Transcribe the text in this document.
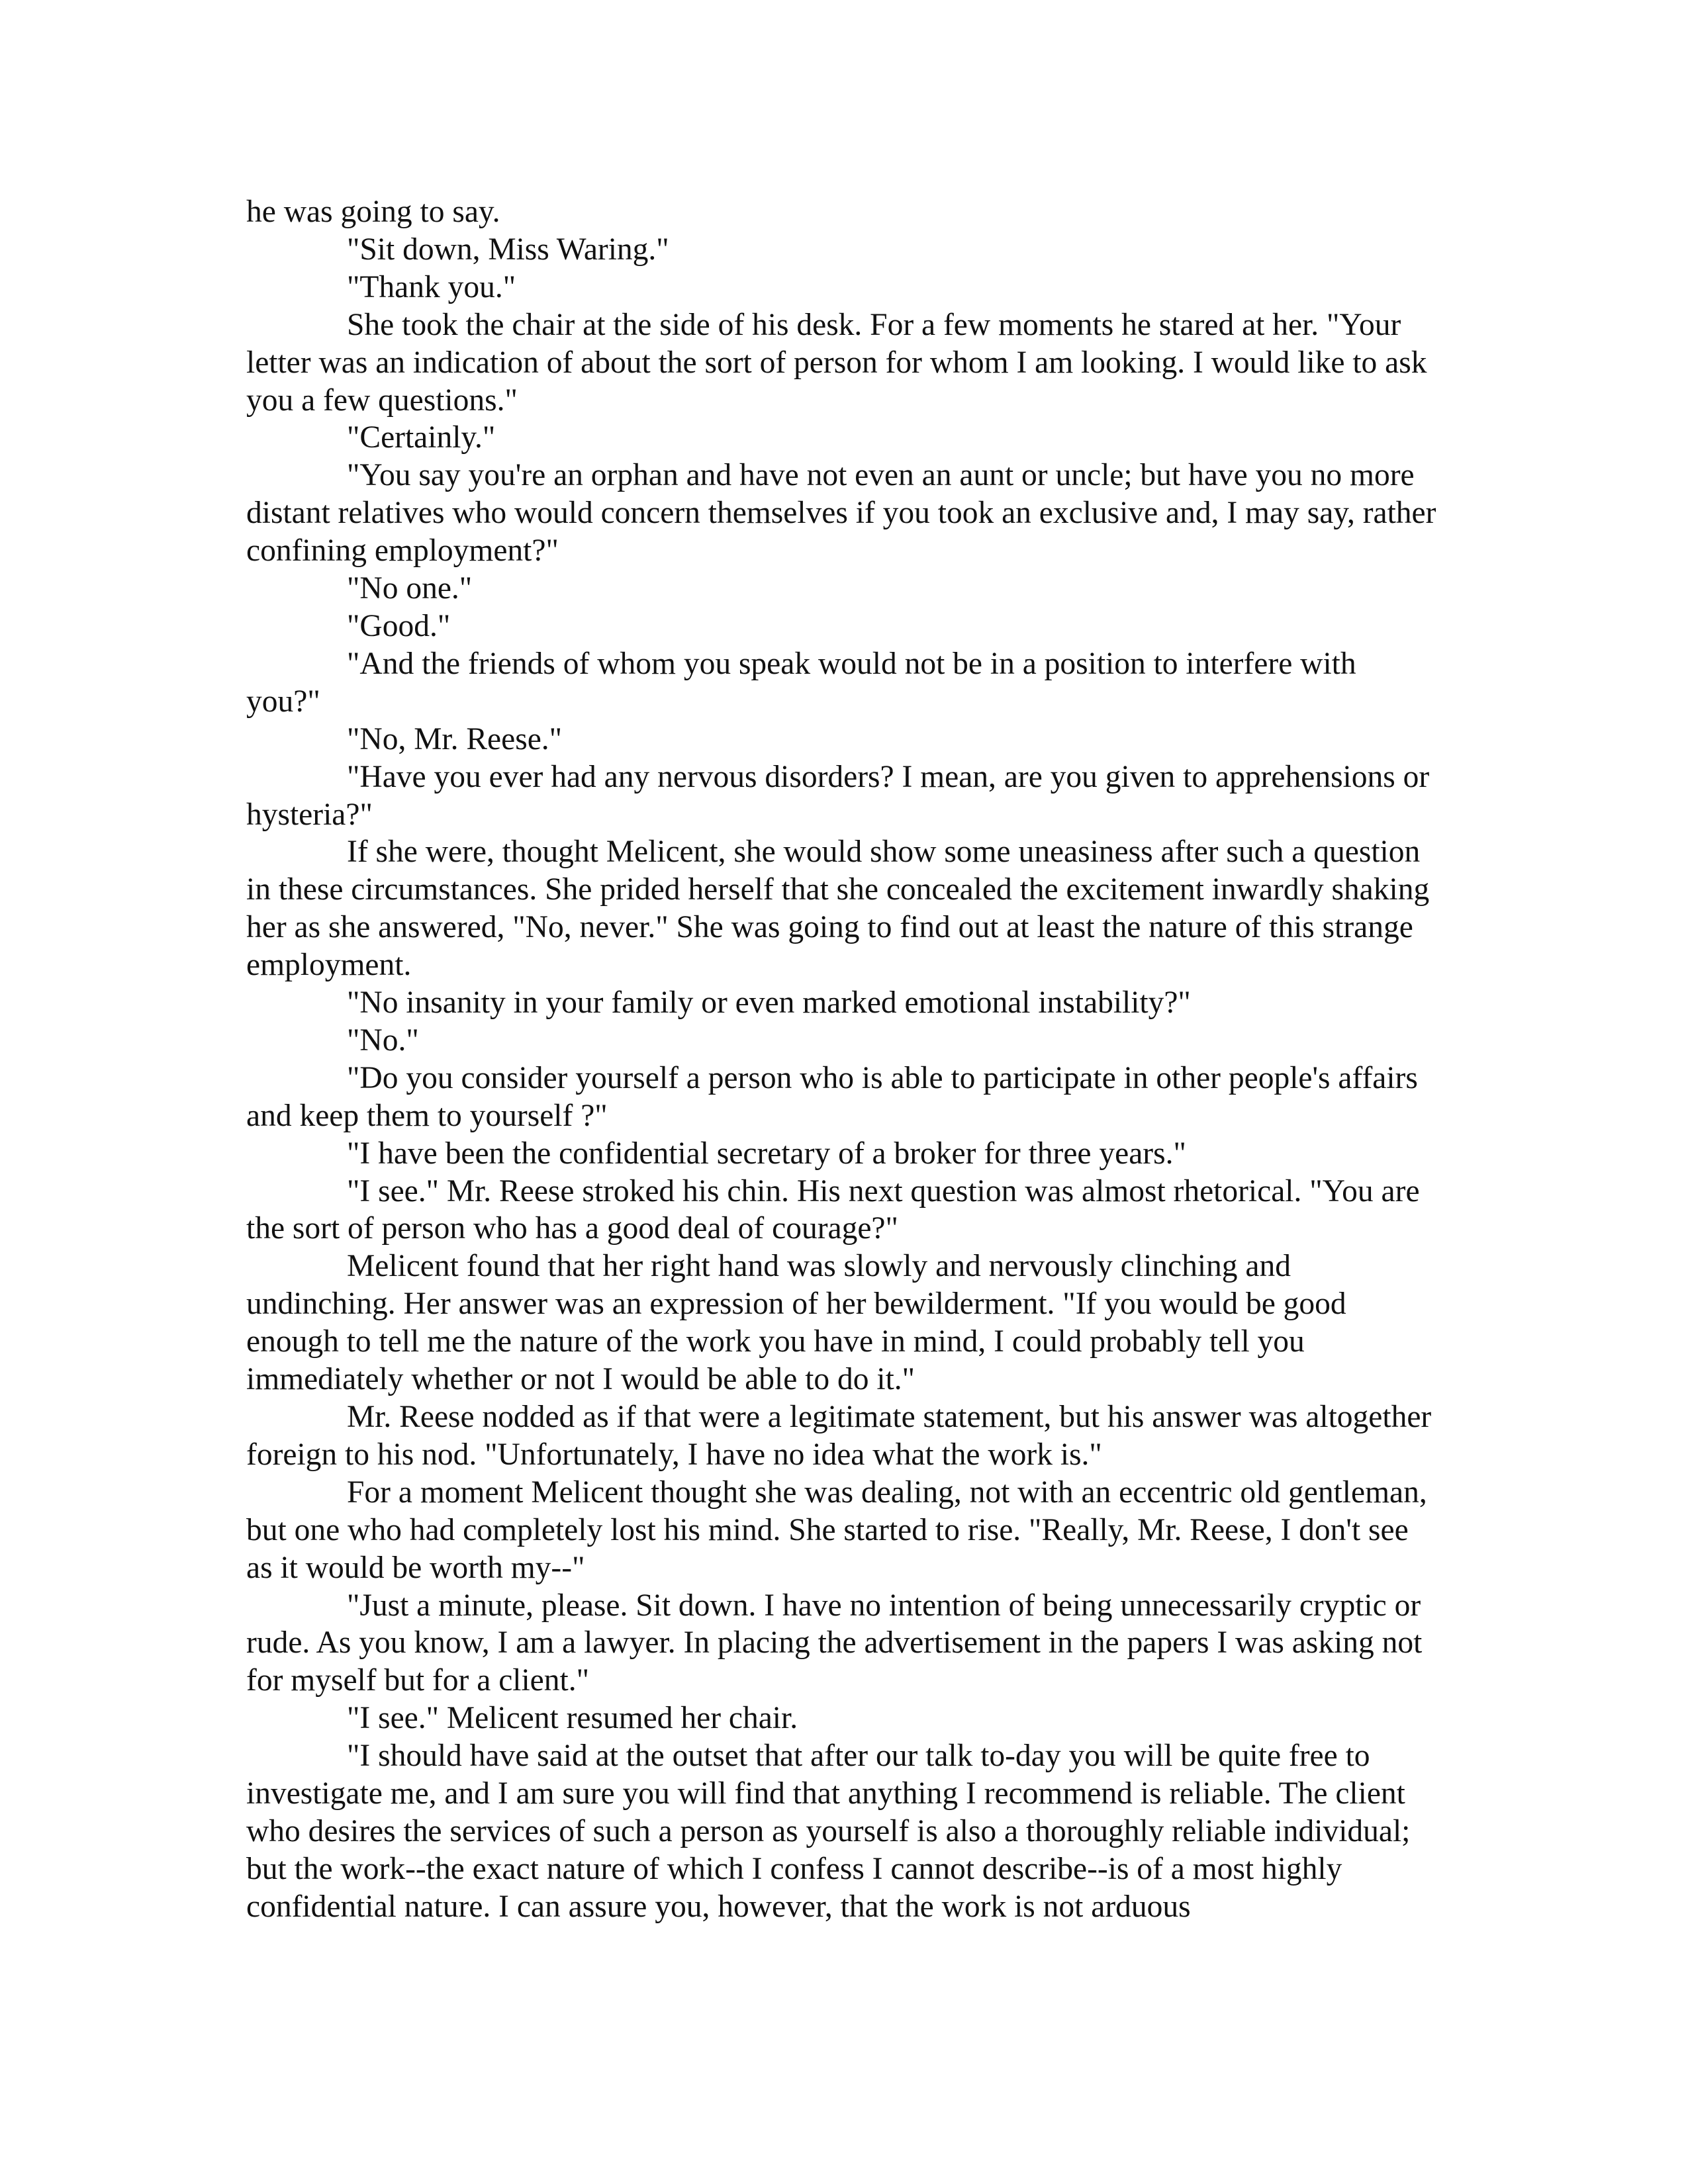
he was going to say.

"Sit down, Miss Waring."

"Thank you."

She took the chair at the side of his desk. For a few moments he stared at her. "Your letter was an indication of about the sort of person for whom I am looking. I would like to ask you a few questions."

"Certainly."

"You say you're an orphan and have not even an aunt or uncle; but have you no more distant relatives who would concern themselves if you took an exclusive and, I may say, rather confining employment?"

"No one."

"Good."

"And the friends of whom you speak would not be in a position to interfere with you?"

"No, Mr. Reese."

"Have you ever had any nervous disorders? I mean, are you given to apprehensions or hysteria?"

If she were, thought Melicent, she would show some uneasiness after such a question in these circumstances. She prided herself that she concealed the excitement inwardly shaking her as she answered, "No, never." She was going to find out at least the nature of this strange employment.

"No insanity in your family or even marked emotional instability?"

"No."

"Do you consider yourself a person who is able to participate in other people's affairs and keep them to yourself ?"

"I have been the confidential secretary of a broker for three years."

"I see." Mr. Reese stroked his chin. His next question was almost rhetorical. "You are the sort of person who has a good deal of courage?"

Melicent found that her right hand was slowly and nervously clinching and undinching. Her answer was an expression of her bewilderment. "If you would be good enough to tell me the nature of the work you have in mind, I could probably tell you immediately whether or not I would be able to do it."

Mr. Reese nodded as if that were a legitimate statement, but his answer was altogether foreign to his nod. "Unfortunately, I have no idea what the work is."

For a moment Melicent thought she was dealing, not with an eccentric old gentleman, but one who had completely lost his mind. She started to rise. "Really, Mr. Reese, I don't see as it would be worth my--"

"Just a minute, please. Sit down. I have no intention of being unnecessarily cryptic or rude. As you know, I am a lawyer. In placing the advertisement in the papers I was asking not for myself but for a client."

"I see." Melicent resumed her chair.

"I should have said at the outset that after our talk to-day you will be quite free to investigate me, and I am sure you will find that anything I recommend is reliable. The client who desires the services of such a person as yourself is also a thoroughly reliable individual; but the work--the exact nature of which I confess I cannot describe--is of a most highly confidential nature. I can assure you, however, that the work is not arduous
